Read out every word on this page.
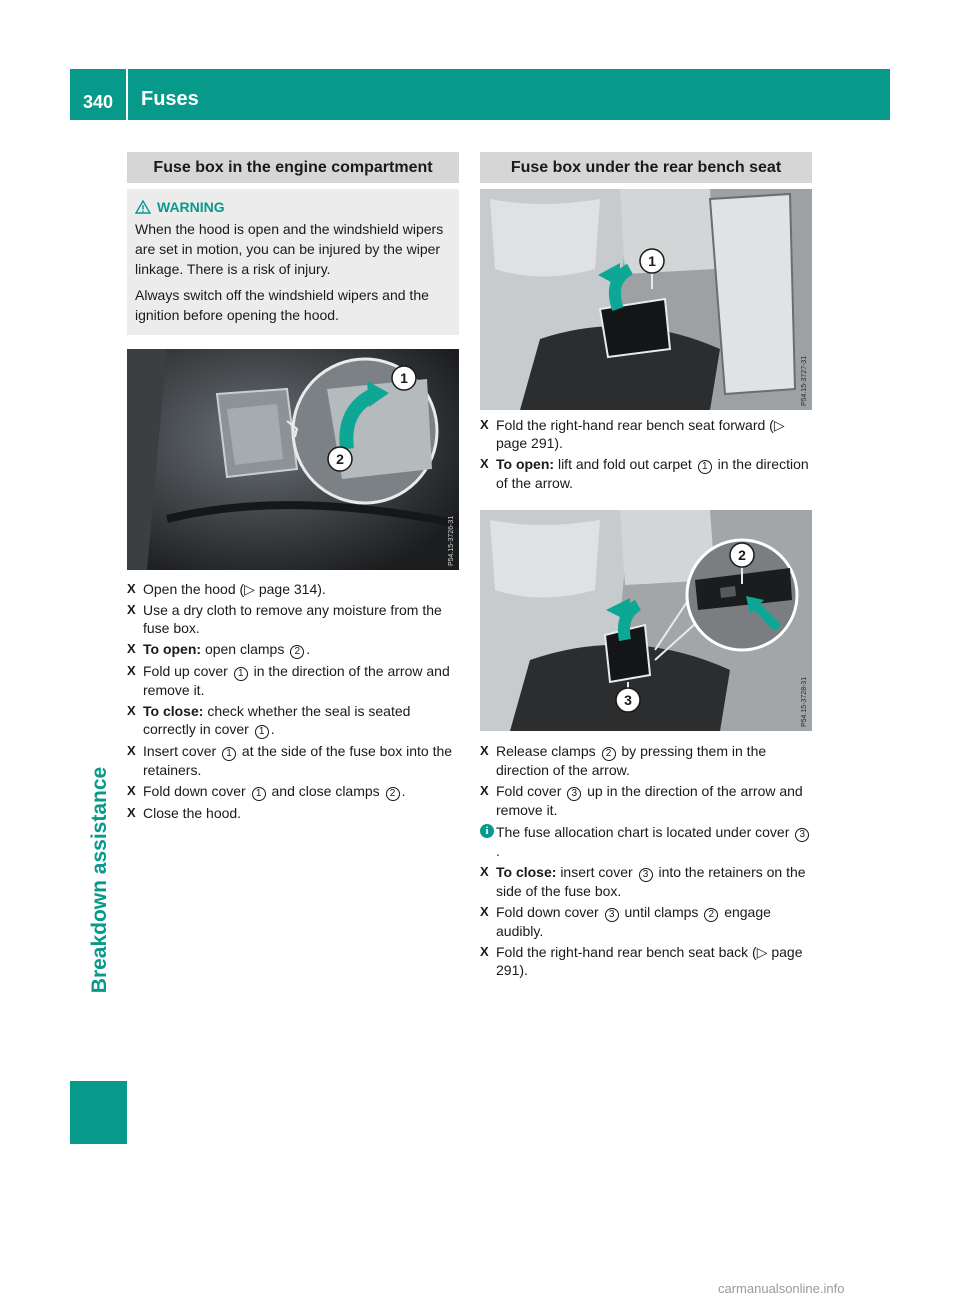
340 Fuses
Breakdown assistance
Fuse box in the engine compartment
WARNING

When the hood is open and the windshield wipers are set in motion, you can be injured by the wiper linkage. There is a risk of injury.

Always switch off the windshield wipers and the ignition before opening the hood.

1
2
P54.15-3726-31
X Open the hood (▷ page 314).
X Use a dry cloth to remove any moisture from the fuse box.
X To open: open clamps 2 .
X Fold up cover 1 in the direction of the arrow and remove it.
X To close: check whether the seal is seated correctly in cover 1 .
X Insert cover 1 at the side of the fuse box into the retainers.
X Fold down cover 1 and close clamps 2 .
X Close the hood.
Fuse box under the rear bench seat
1
P54.15-3727-31
X Fold the right-hand rear bench seat forward (▷ page 291).
X To open: lift and fold out carpet 1 in the direction of the arrow.
2
3	P54.15-3728-31
X Release clamps 2 by pressing them in the direction of the arrow.
X Fold cover 3 up in the direction of the arrow and remove it.
i The fuse allocation chart is located under cover 3.
X To close: insert cover 3 into the retainers on the side of the fuse box.
X Fold down cover 3 until clamps 2 engage audibly.
X Fold the right-hand rear bench seat back (▷ page 291).
carmanualsonline.info
